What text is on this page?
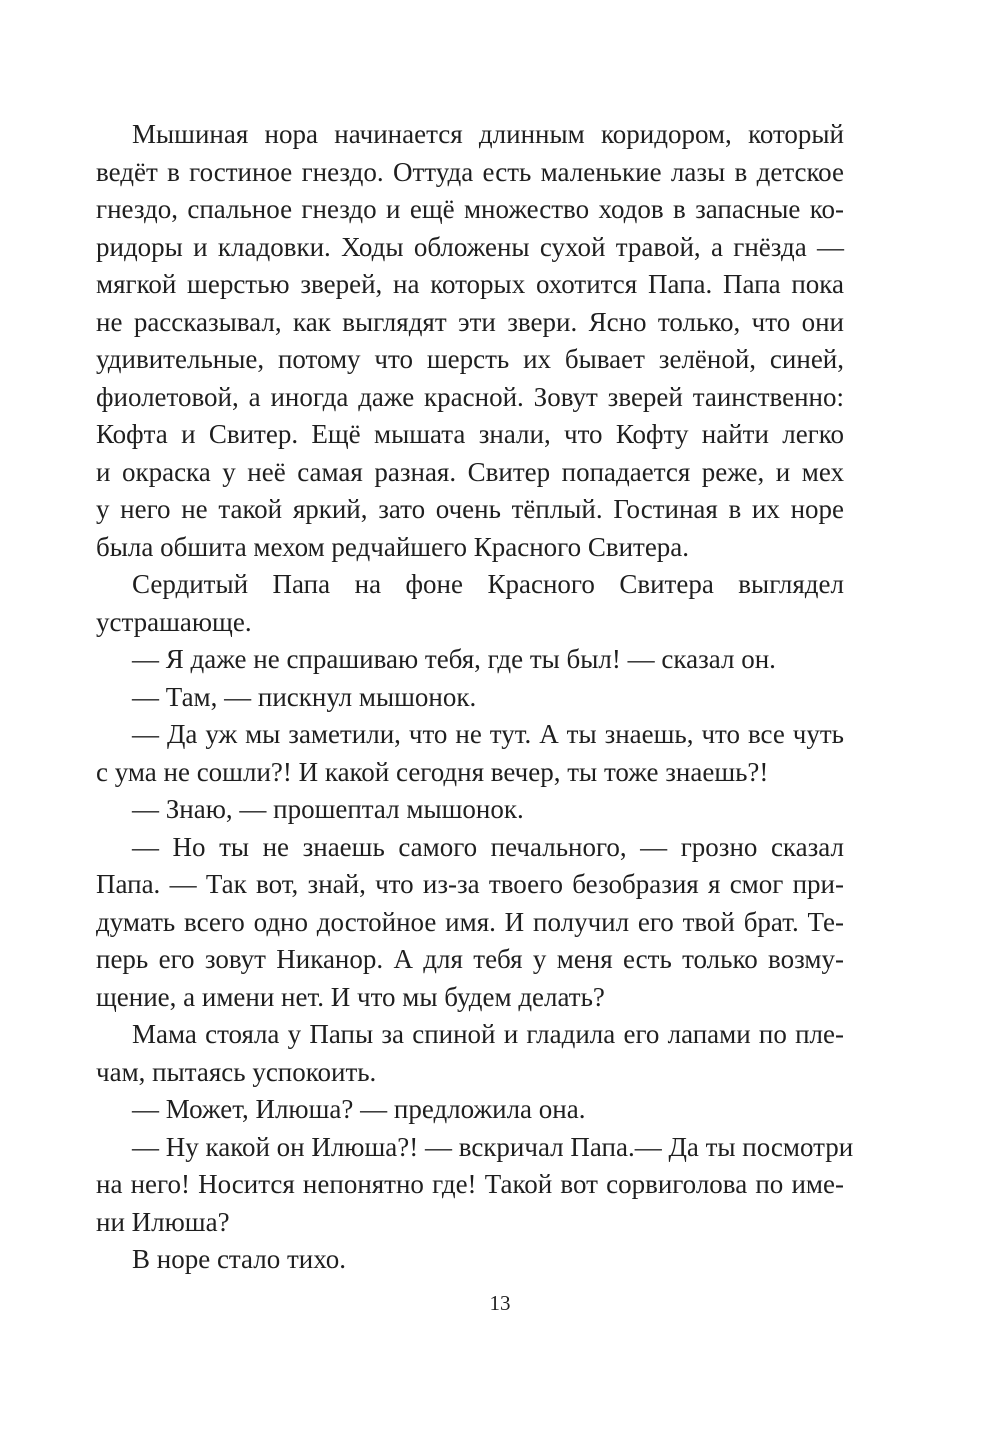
Мышиная нора начинается длинным коридором, который
ведёт в гостиное гнездо. Оттуда есть маленькие лазы в детское
гнездо, спальное гнездо и ещё множество ходов в запасные ко-
ридоры и кладовки. Ходы обложены сухой травой, а гнёзда —
мягкой шерстью зверей, на которых охотится Папа. Папа пока
не рассказывал, как выглядят эти звери. Ясно только, что они
удивительные, потому что шерсть их бывает зелёной, синей,
фиолетовой, а иногда даже красной. Зовут зверей таинственно:
Кофта и Свитер. Ещё мышата знали, что Кофту найти легко
и окраска у неё самая разная. Свитер попадается реже, и мех
у него не такой яркий, зато очень тёплый. Гостиная в их норе
была обшита мехом редчайшего Красного Свитера.
Сердитый Папа на фоне Красного Свитера выглядел
устрашающе.
— Я даже не спрашиваю тебя, где ты был! — сказал он.
— Там, — пискнул мышонок.
— Да уж мы заметили, что не тут. А ты знаешь, что все чуть
с ума не сошли?! И какой сегодня вечер, ты тоже знаешь?!
— Знаю, — прошептал мышонок.
— Но ты не знаешь самого печального, — грозно сказал
Папа. — Так вот, знай, что из-за твоего безобразия я смог при-
думать всего одно достойное имя. И получил его твой брат. Те-
перь его зовут Никанор. А для тебя у меня есть только возму-
щение, а имени нет. И что мы будем делать?
Мама стояла у Папы за спиной и гладила его лапами по пле-
чам, пытаясь успокоить.
— Может, Илюша? — предложила она.
— Ну какой он Илюша?! — вскричал Папа.— Да ты посмотри
на него! Носится непонятно где! Такой вот сорвиголова по име-
ни Илюша?
В норе стало тихо.
13
